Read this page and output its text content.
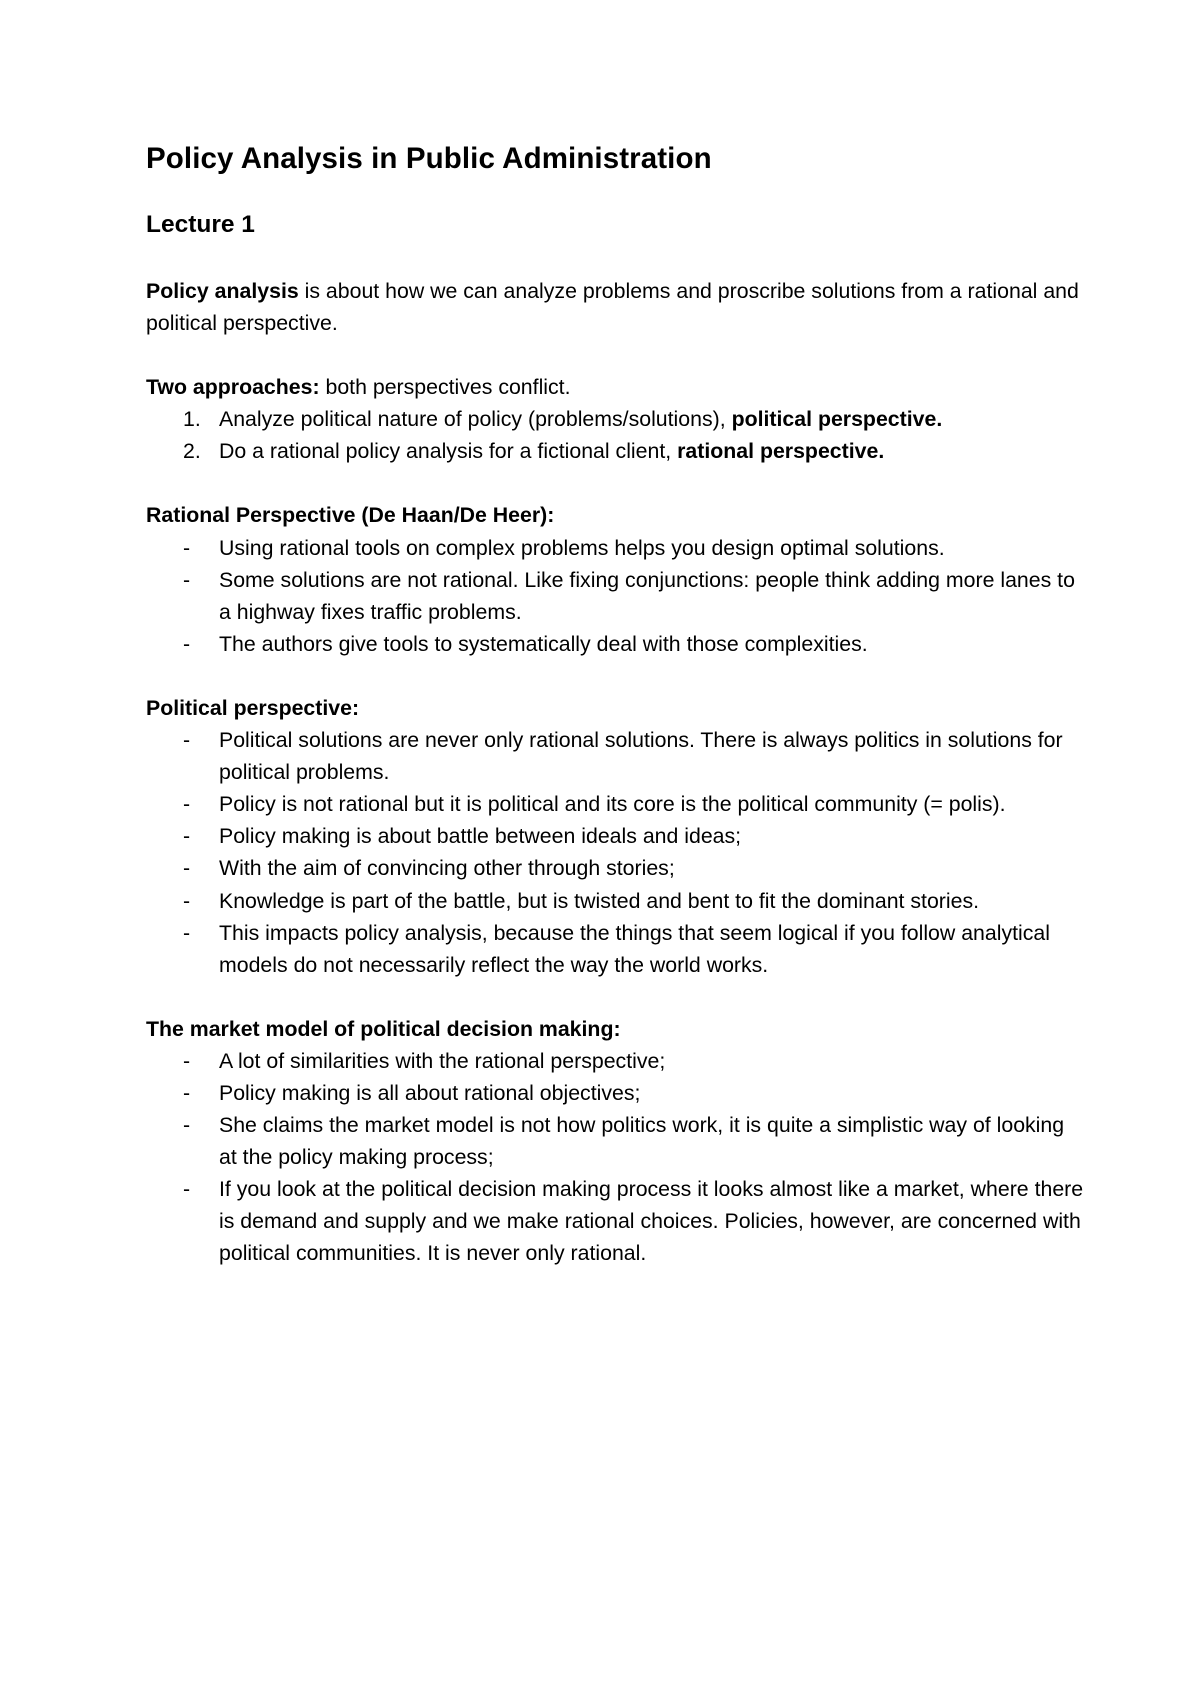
Policy Analysis in Public Administration
Lecture 1

Policy analysis is about how we can analyze problems and proscribe solutions from a rational and political perspective.

Two approaches: both perspectives conflict.

1. Analyze political nature of policy (problems/solutions), political perspective.
2. Do a rational policy analysis for a fictional client, rational perspective.

Rational Perspective (De Haan/De Heer):

- Using rational tools on complex problems helps you design optimal solutions.
- Some solutions are not rational. Like fixing conjunctions: people think adding more lanes to a highway fixes traffic problems.
- The authors give tools to systematically deal with those complexities.

Political perspective:

- Political solutions are never only rational solutions. There is always politics in solutions for political problems.
- Policy is not rational but it is political and its core is the political community (= polis).
- Policy making is about battle between ideals and ideas;
- With the aim of convincing other through stories;
- Knowledge is part of the battle, but is twisted and bent to fit the dominant stories.
- This impacts policy analysis, because the things that seem logical if you follow analytical models do not necessarily reflect the way the world works.

The market model of political decision making:

- A lot of similarities with the rational perspective;
- Policy making is all about rational objectives;
- She claims the market model is not how politics work, it is quite a simplistic way of looking at the policy making process;
- If you look at the political decision making process it looks almost like a market, where there is demand and supply and we make rational choices. Policies, however, are concerned with political communities. It is never only rational.
